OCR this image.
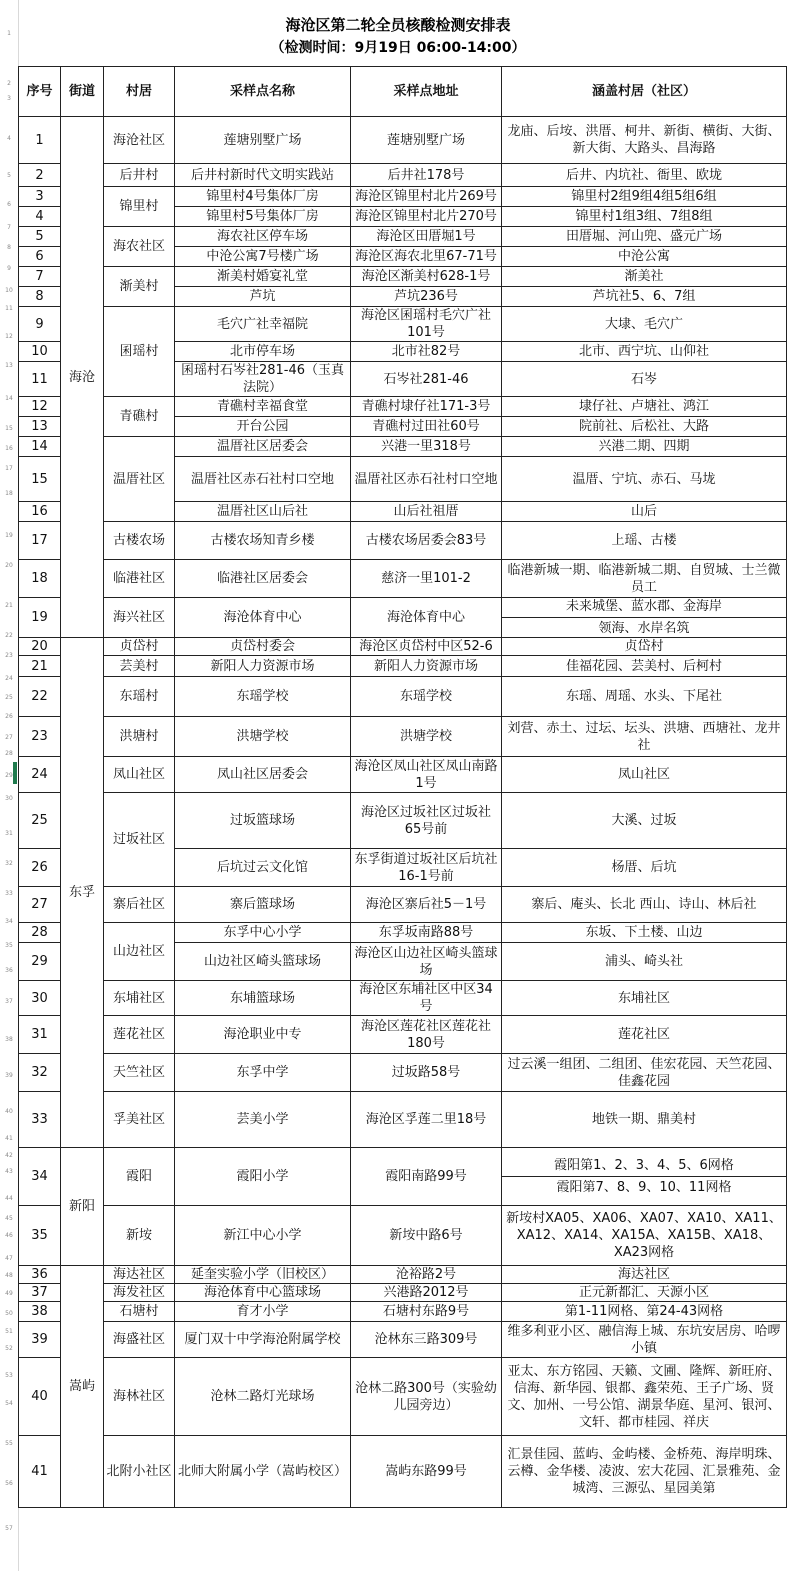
1
2
3
4
5
6
7
8
9
10
11
12
13
14
15
16
17
18
19
20
21
22
23
24
25
26
27
28
29
30
31
32
33
34
35
36
37
38
39
40
41
42
43
44
45
46
47
48
49
50
51
52
53
54
55
56
57
海沧区第二轮全员核酸检测安排表
（检测时间：9月19日 06:00-14:00）
序号	街道	村居	采样点名称	采样点地址	涵盖村居（社区）
1	海沧	海沧社区	莲塘别墅广场	莲塘别墅广场	龙庙、后垵、洪厝、柯井、新街、横街、大街、新大街、大路头、昌海路

2		后井村	后井村新时代文明实践站	后井社178号	后井、内坑社、衙里、欧垅

3		锦里村	锦里村4号集体厂房	海沧区锦里村北片269号	锦里村2组9组4组5组6组

4			锦里村5号集体厂房	海沧区锦里村北片270号	锦里村1组3组、7组8组

5		海农社区	海农社区停车场	海沧区田厝堀1号	田厝堀、河山兜、盛元广场

6			中沧公寓7号楼广场	海沧区海农北里67-71号	中沧公寓

7		渐美村	渐美村婚宴礼堂	海沧区渐美村628-1号	渐美社

8			芦坑	芦坑236号	芦坑社5、6、7组

9		囷瑶村	毛穴广社幸福院	海沧区囷瑶村毛穴广社101号	大埭、毛穴广

10			北市停车场	北市社82号	北市、西宁坑、山仰社

11			囷瑶村石岑社281-46（玉真法院）	石岑社281-46	石岑

12		青礁村	青礁村幸福食堂	青礁村埭仔社171-3号	埭仔社、卢塘社、鸿江

13			开台公园	青礁村过田社60号	院前社、后松社、大路

14		温厝社区	温厝社区居委会	兴港一里318号	兴港二期、四期

15			温厝社区赤石社村口空地	温厝社区赤石社村口空地	温厝、宁坑、赤石、马垅

16			温厝社区山后社	山后社祖厝	山后

17		古楼农场	古楼农场知青乡楼	古楼农场居委会83号	上瑶、古楼

18		临港社区	临港社区居委会	慈济一里101-2	临港新城一期、临港新城二期、自贸城、士兰微员工

19		海兴社区	海沧体育中心	海沧体育中心	未来城堡、蓝水郡、金海岸
领海、水岸名筑

20	东孚	贞岱村	贞岱村委会	海沧区贞岱村中区52-6	贞岱村

21		芸美村	新阳人力资源市场	新阳人力资源市场	佳福花园、芸美村、后柯村

22		东瑶村	东瑶学校	东瑶学校	东瑶、周瑶、水头、下尾社

23		洪塘村	洪塘学校	洪塘学校	刘营、赤土、过坛、坛头、洪塘、西塘社、龙井社

24		凤山社区	凤山社区居委会	海沧区凤山社区凤山南路1号	凤山社区

25		过坂社区	过坂篮球场	海沧区过坂社区过坂社65号前	大溪、过坂

26			后坑过云文化馆	东孚街道过坂社区后坑社16-1号前	杨厝、后坑

27		寨后社区	寨后篮球场	海沧区寨后社5－1号	寨后、庵头、长北 西山、诗山、林后社

28		山边社区	东孚中心小学	东孚坂南路88号	东坂、下土楼、山边

29			山边社区崎头篮球场	海沧区山边社区崎头篮球场	浦头、崎头社

30		东埔社区	东埔篮球场	海沧区东埔社区中区34号	东埔社区

31		莲花社区	海沧职业中专	海沧区莲花社区莲花社180号	莲花社区

32		天竺社区	东孚中学	过坂路58号	过云溪一组团、二组团、佳宏花园、天竺花园、佳鑫花园

33		孚美社区	芸美小学	海沧区孚莲二里18号	地铁一期、鼎美村

34	新阳	霞阳	霞阳小学	霞阳南路99号	霞阳第1、2、3、4、5、6网格
霞阳第7、8、9、10、11网格

35		新垵	新江中心小学	新垵中路6号	新垵村XA05、XA06、XA07、XA10、XA11、XA12、XA14、XA15A、XA15B、XA18、XA23网格

36	嵩屿	海达社区	延奎实验小学（旧校区）	沧裕路2号	海达社区

37		海发社区	海沧体育中心篮球场	兴港路2012号	正元新都汇、天源小区

38		石塘村	育才小学	石塘村东路9号	第1-11网格、第24-43网格

39		海盛社区	厦门双十中学海沧附属学校	沧林东三路309号	维多利亚小区、融信海上城、东坑安居房、哈啰小镇

40		海林社区	沧林二路灯光球场	沧林二路300号（实验幼儿园旁边）	亚太、东方铭园、天籁、文圃、隆辉、新旺府、信海、新华园、银都、鑫荣苑、王子广场、贤文、加州、一号公馆、湖景华庭、星河、银河、文轩、都市桂园、祥庆

41		北附小社区	北师大附属小学（嵩屿校区）	嵩屿东路99号	汇景佳园、蓝屿、金屿楼、金桥苑、海岸明珠、云樽、金华楼、凌波、宏大花园、汇景雅苑、金城湾、三源弘、星园美第
